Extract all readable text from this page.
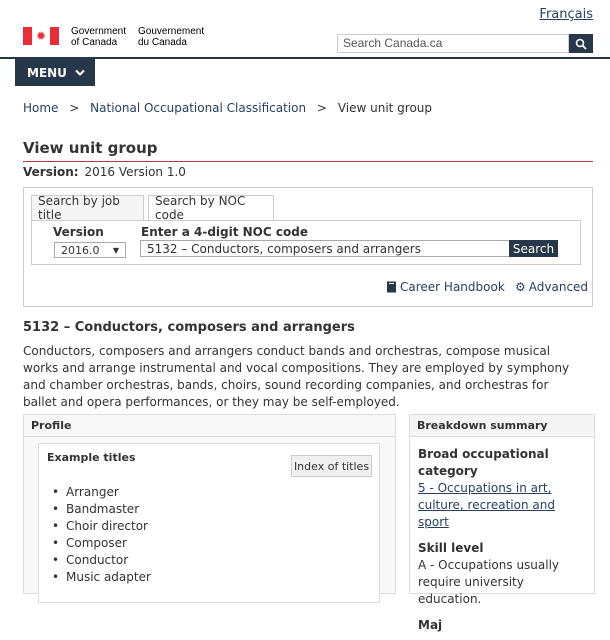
Français
✹	Government
of Canada
Gouvernement
du Canada	Search Canada.ca
MENU
Home > National Occupational Classification > View unit group
View unit group
Version: 2016 Version 1.0
Search by job title
Search by NOC code
Version	Enter a 4-digit NOC code
2016.0 ▼	5132 – Conductors, composers and arrangers	Search
Career Handbook ⚙ Advanced
5132 – Conductors, composers and arrangers
Conductors, composers and arrangers conduct bands and orchestras, compose musical works and arrange instrumental and vocal compositions. They are employed by symphony and chamber orchestras, bands, choirs, sound recording companies, and orchestras for ballet and opera performances, or they may be self-employed.
Profile
Example titles
Index of titles
• Arranger
• Bandmaster
• Choir director
• Composer
• Conductor
• Music adapter
Breakdown summary
Broad occupational category
5 - Occupations in art, culture, recreation and sport
Skill level
A - Occupations usually require university education.
Maj
